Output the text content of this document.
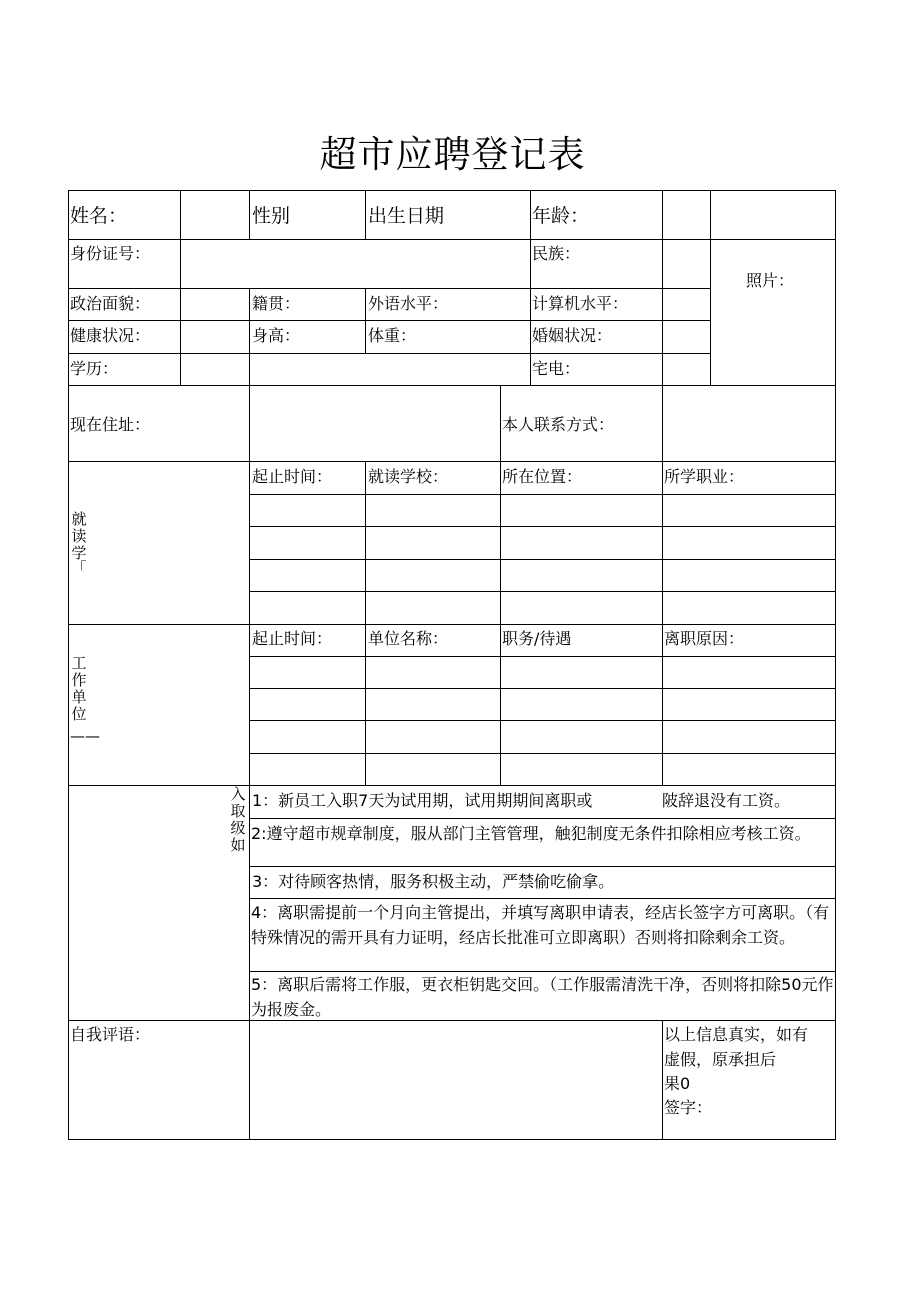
超市应聘登记表
姓名：	性别	出生日期	年龄：
身份证号：	民族：
照片：
政治面貌：	籍贯：	外语水平：	计算机水平：
健康状况：	身高：	体重：	婚姻状况：
学历：	宅电：
现在住址：	本人联系方式：
就读学
「
起止时间： 就读学校：	所在位置：	所学职业：
工作单位
——
起止时间： 单位名称：	职务/待遇	离职原因：
入取级如
1：新员工入职7天为试用期，试用期期间离职或	陂辞退没有工资。
2:遵守超市规章制度，服从部门主管管理，触犯制度无条件扣除相应考核工资。
3：对待顾客热情，服务积极主动，严禁偷吃偷拿。
4：离职需提前一个月向主管提出，并填写离职申请表，经店长签字方可离职。（有特殊情况的需开具有力证明，经店长批准可立即离职）否则将扣除剩余工资。
5：离职后需将工作服，更衣柜钥匙交回。（工作服需清洗干净，否则将扣除50元作为报废金。
自我评语：	以上信息真实，如有
虚假，原承担后
果0
签字：
